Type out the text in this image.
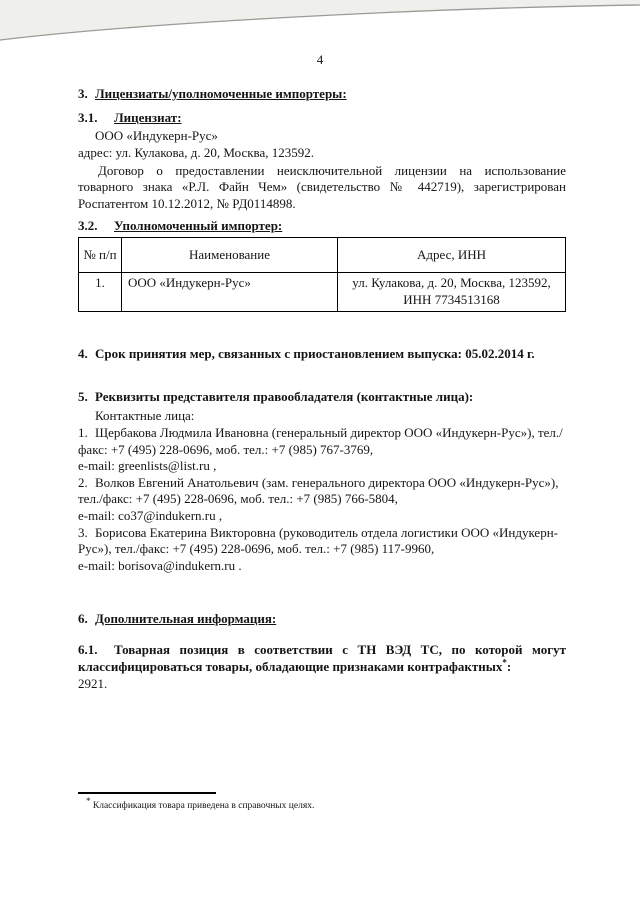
4

3. Лицензиаты/уполномоченные импортеры:

3.1. Лицензиат:

ООО «Индукерн-Рус»

адрес: ул. Кулакова, д. 20, Москва, 123592.

Договор о предоставлении неисключительной лицензии на использование товарного знака «Р.Л. Файн Чем» (свидетельство № 442719), зарегистрирован Роспатентом 10.12.2012, № РД0114898.

3.2. Уполномоченный импортер:

№ п/п	Наименование	Адрес, ИНН
1.	ООО «Индукерн-Рус»	ул. Кулакова, д. 20, Москва, 123592, ИНН 7734513168

4. Срок принятия мер, связанных с приостановлением выпуска: 05.02.2014 г.

5. Реквизиты представителя правообладателя (контактные лица):

Контактные лица:

1. Щербакова Людмила Ивановна (генеральный директор ООО «Индукерн-Рус»), тел./факс: +7 (495) 228-0696, моб. тел.: +7 (985) 767-3769,

e-mail: greenlists@list.ru ,

2. Волков Евгений Анатольевич (зам. генерального директора ООО «Индукерн-Рус»), тел./факс: +7 (495) 228-0696, моб. тел.: +7 (985) 766-5804,

e-mail: co37@indukern.ru ,

3. Борисова Екатерина Викторовна (руководитель отдела логистики ООО «Индукерн-Рус»), тел./факс: +7 (495) 228-0696, моб. тел.: +7 (985) 117-9960,

e-mail: borisova@indukern.ru .

6. Дополнительная информация:

6.1. Товарная позиция в соответствии с ТН ВЭД ТС, по которой могут классифицироваться товары, обладающие признаками контрафактных*:

2921.

* Классификация товара приведена в справочных целях.
